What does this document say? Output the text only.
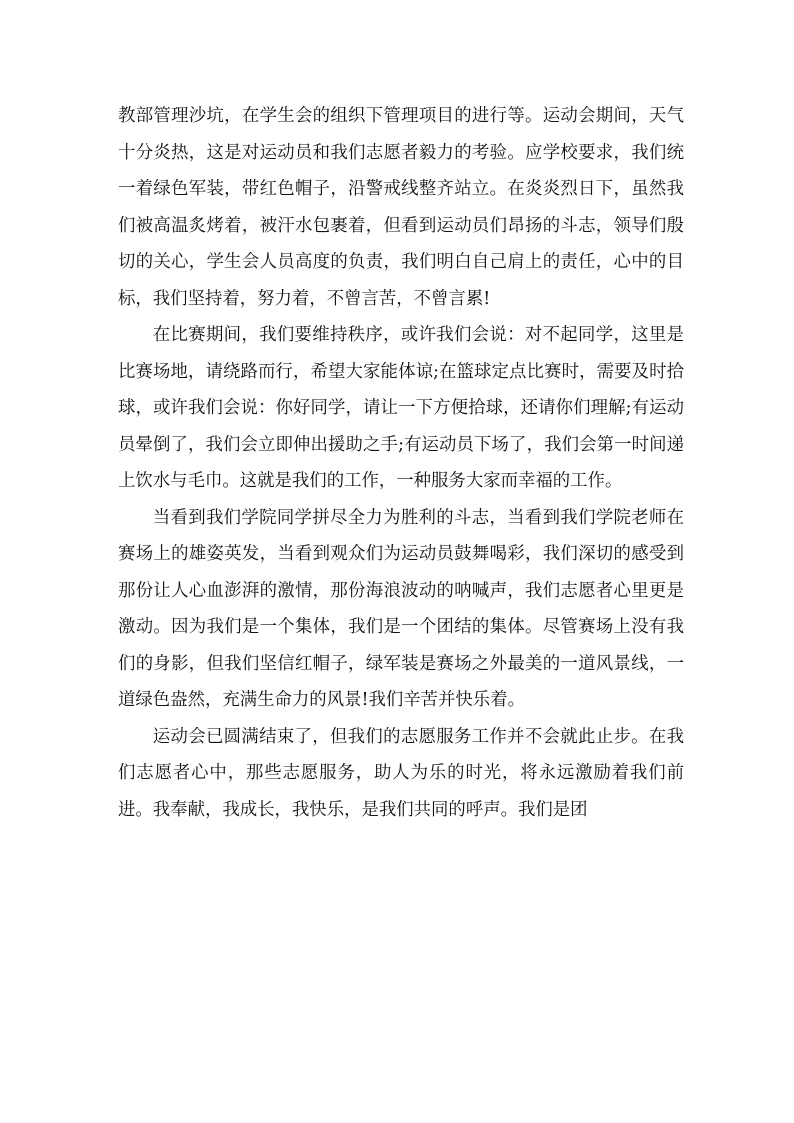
教部管理沙坑，在学生会的组织下管理项目的进行等。运动会期间，天气十分炎热，这是对运动员和我们志愿者毅力的考验。应学校要求，我们统一着绿色军装，带红色帽子，沿警戒线整齐站立。在炎炎烈日下，虽然我们被高温炙烤着，被汗水包裹着，但看到运动员们昂扬的斗志，领导们殷切的关心，学生会人员高度的负责，我们明白自己肩上的责任，心中的目标，我们坚持着，努力着，不曾言苦，不曾言累!

在比赛期间，我们要维持秩序，或许我们会说：对不起同学，这里是比赛场地，请绕路而行，希望大家能体谅;在篮球定点比赛时，需要及时拾球，或许我们会说：你好同学，请让一下方便拾球，还请你们理解;有运动员晕倒了，我们会立即伸出援助之手;有运动员下场了，我们会第一时间递上饮水与毛巾。这就是我们的工作，一种服务大家而幸福的工作。

当看到我们学院同学拼尽全力为胜利的斗志，当看到我们学院老师在赛场上的雄姿英发，当看到观众们为运动员鼓舞喝彩，我们深切的感受到那份让人心血澎湃的激情，那份海浪波动的呐喊声，我们志愿者心里更是激动。因为我们是一个集体，我们是一个团结的集体。尽管赛场上没有我们的身影，但我们坚信红帽子，绿军装是赛场之外最美的一道风景线，一道绿色盎然，充满生命力的风景!我们辛苦并快乐着。

运动会已圆满结束了，但我们的志愿服务工作并不会就此止步。在我们志愿者心中，那些志愿服务，助人为乐的时光，将永远激励着我们前进。我奉献，我成长，我快乐，是我们共同的呼声。我们是团
